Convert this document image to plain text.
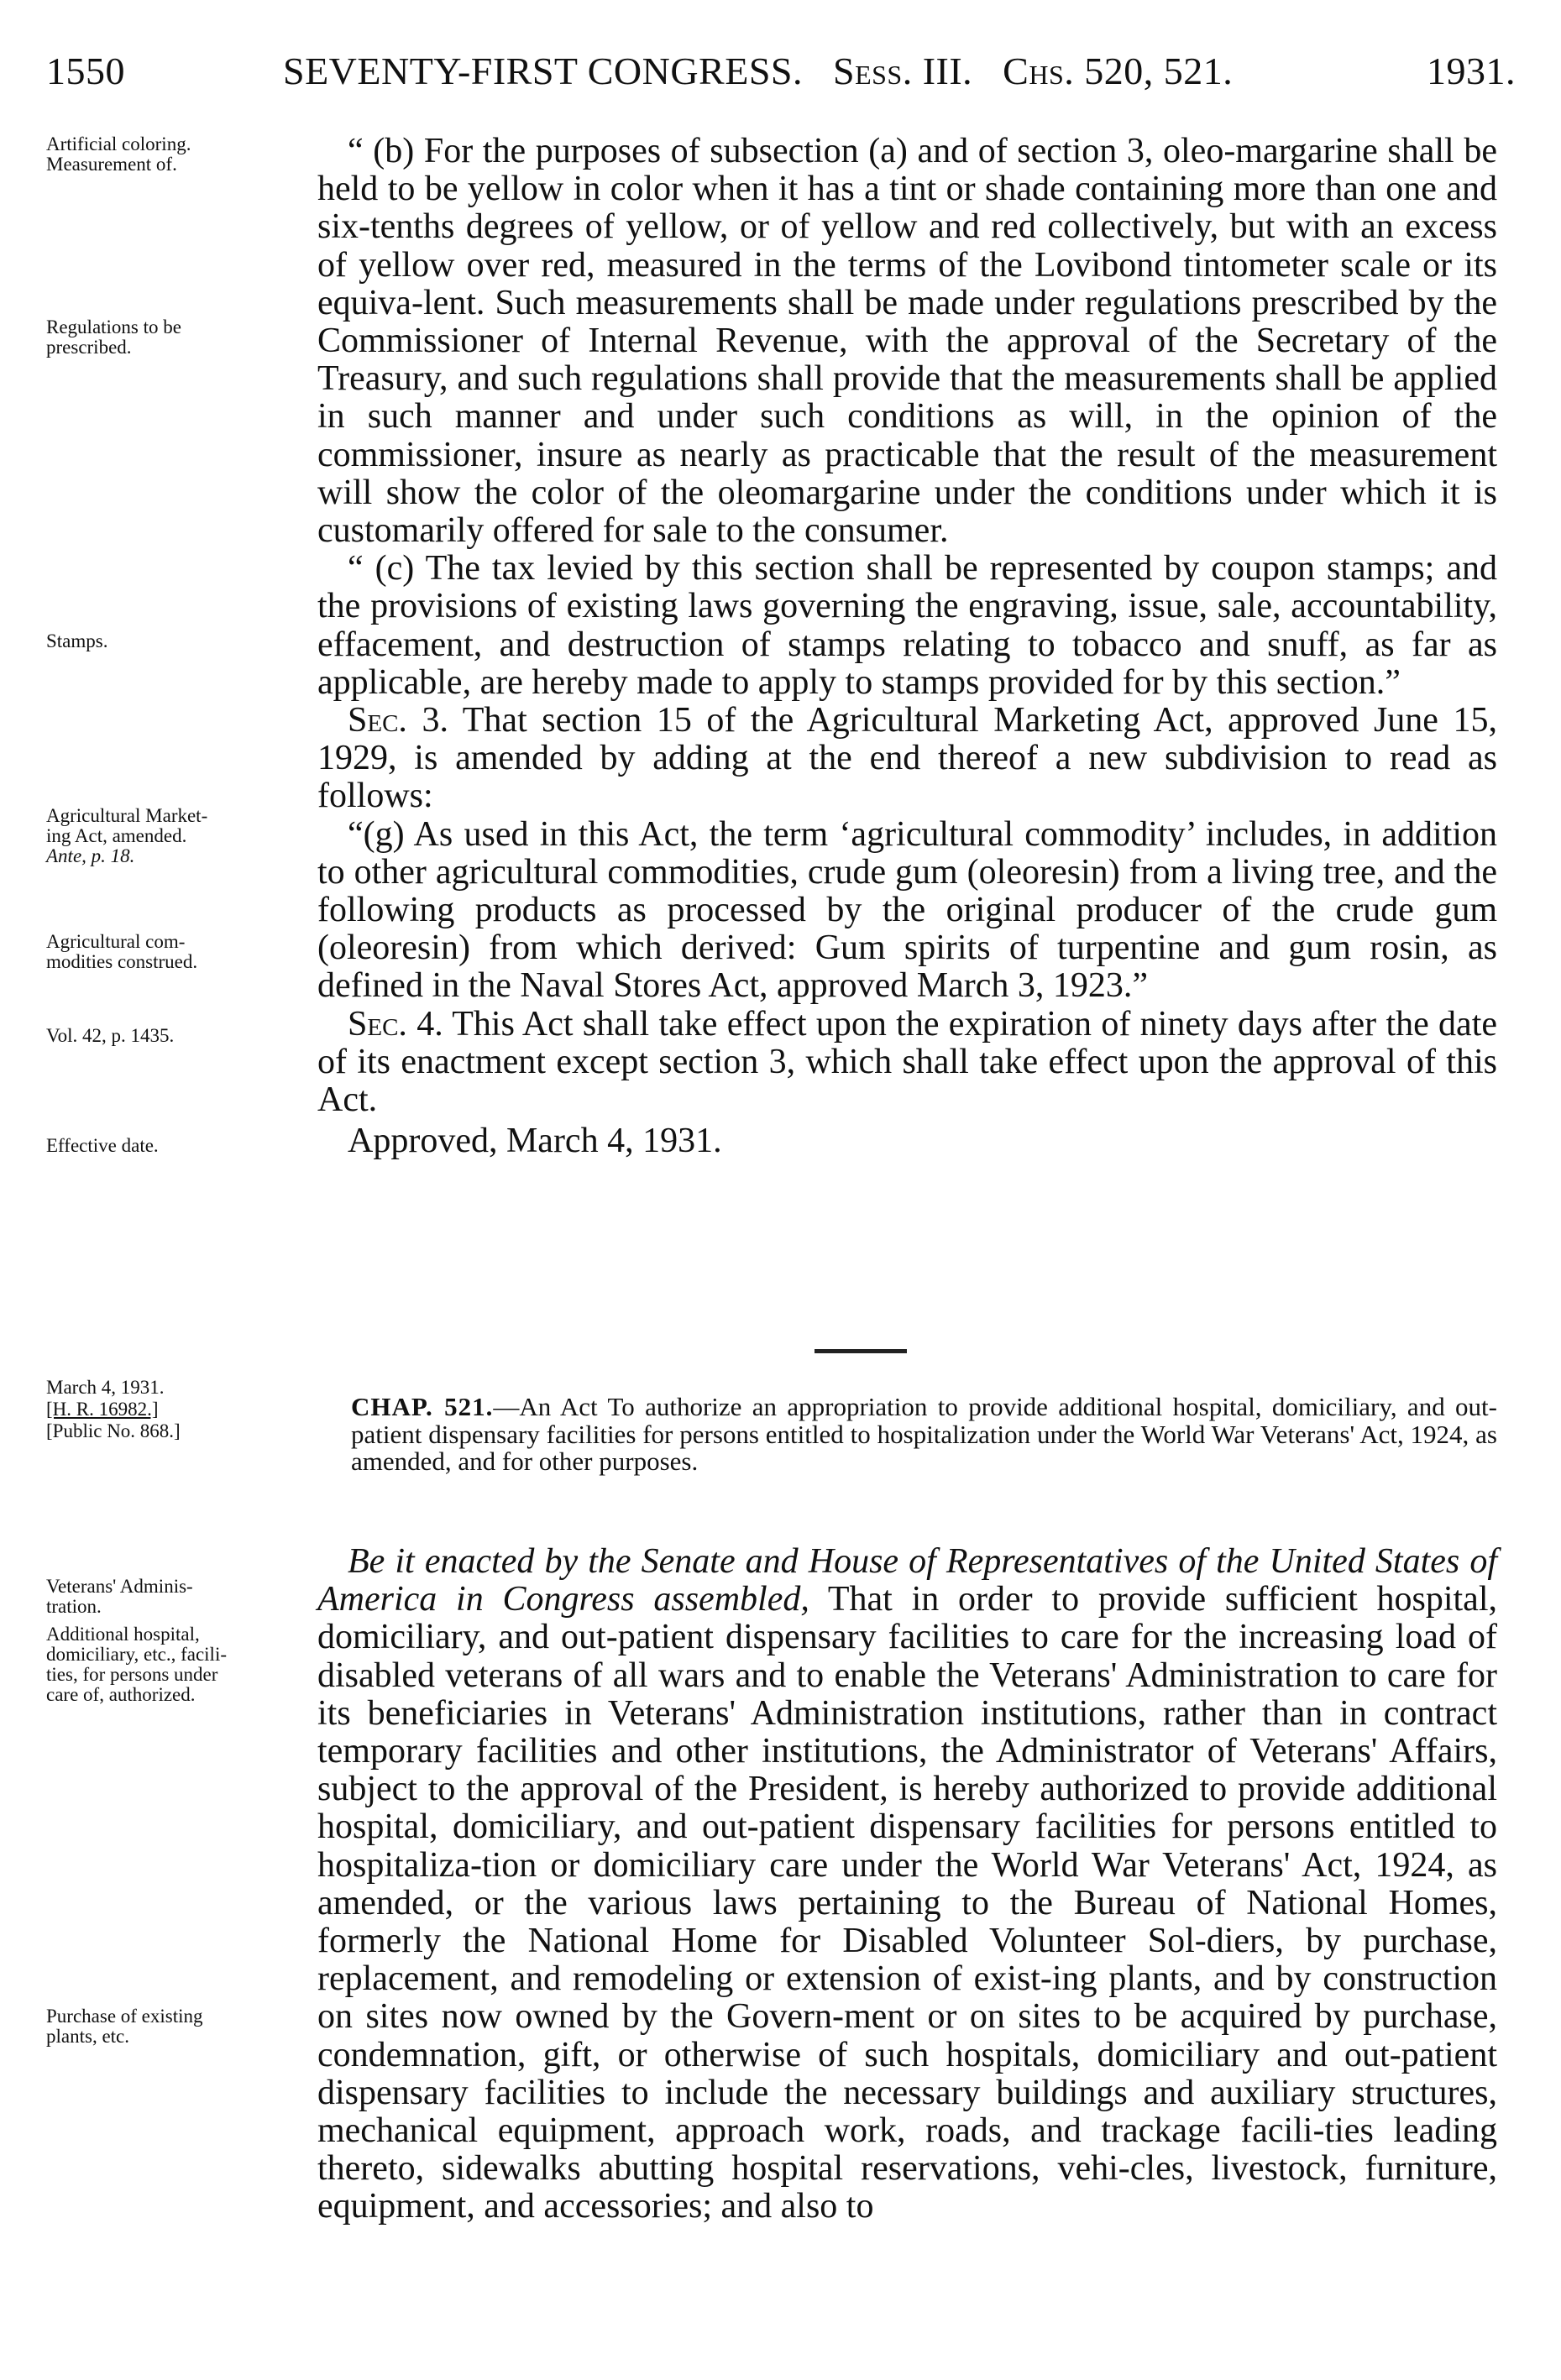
1550	SEVENTY-FIRST CONGRESS. Sess. III. Chs. 520, 521.	1931.
Artificial coloring.
Measurement of.
Regulations to be
prescribed.
Stamps.
Agricultural Market-
ing Act, amended.
Ante, p. 18.
Agricultural com-
modities construed.
Vol. 42, p. 1435.
Effective date.
March 4, 1931.
[H. R. 16982.]
[Public No. 868.]
Veterans' Adminis-
tration.
Additional hospital,
domiciliary, etc., facili-
ties, for persons under
care of, authorized.
Purchase of existing
plants, etc.

“ (b) For the purposes of subsection (a) and of section 3, oleo-margarine shall be held to be yellow in color when it has a tint or shade containing more than one and six-tenths degrees of yellow, or of yellow and red collectively, but with an excess of yellow over red, measured in the terms of the Lovibond tintometer scale or its equiva-lent. Such measurements shall be made under regulations prescribed by the Commissioner of Internal Revenue, with the approval of the Secretary of the Treasury, and such regulations shall provide that the measurements shall be applied in such manner and under such conditions as will, in the opinion of the commissioner, insure as nearly as practicable that the result of the measurement will show the color of the oleomargarine under the conditions under which it is customarily offered for sale to the consumer.

“ (c) The tax levied by this section shall be represented by coupon stamps; and the provisions of existing laws governing the engraving, issue, sale, accountability, effacement, and destruction of stamps relating to tobacco and snuff, as far as applicable, are hereby made to apply to stamps provided for by this section.”

Sec. 3. That section 15 of the Agricultural Marketing Act, approved June 15, 1929, is amended by adding at the end thereof a new subdivision to read as follows:

“(g) As used in this Act, the term ‘agricultural commodity’ includes, in addition to other agricultural commodities, crude gum (oleoresin) from a living tree, and the following products as processed by the original producer of the crude gum (oleoresin) from which derived: Gum spirits of turpentine and gum rosin, as defined in the Naval Stores Act, approved March 3, 1923.”

Sec. 4. This Act shall take effect upon the expiration of ninety days after the date of its enactment except section 3, which shall take effect upon the approval of this Act.

Approved, March 4, 1931.

CHAP. 521.—An Act To authorize an appropriation to provide additional hospital, domiciliary, and out-patient dispensary facilities for persons entitled to hospitalization under the World War Veterans' Act, 1924, as amended, and for other purposes.

Be it enacted by the Senate and House of Representatives of the United States of America in Congress assembled, That in order to provide sufficient hospital, domiciliary, and out-patient dispensary facilities to care for the increasing load of disabled veterans of all wars and to enable the Veterans' Administration to care for its beneficiaries in Veterans' Administration institutions, rather than in contract temporary facilities and other institutions, the Administrator of Veterans' Affairs, subject to the approval of the President, is hereby authorized to provide additional hospital, domiciliary, and out-patient dispensary facilities for persons entitled to hospitaliza-tion or domiciliary care under the World War Veterans' Act, 1924, as amended, or the various laws pertaining to the Bureau of National Homes, formerly the National Home for Disabled Volunteer Sol-diers, by purchase, replacement, and remodeling or extension of exist-ing plants, and by construction on sites now owned by the Govern-ment or on sites to be acquired by purchase, condemnation, gift, or otherwise of such hospitals, domiciliary and out-patient dispensary facilities to include the necessary buildings and auxiliary structures, mechanical equipment, approach work, roads, and trackage facili-ties leading thereto, sidewalks abutting hospital reservations, vehi-cles, livestock, furniture, equipment, and accessories; and also to
